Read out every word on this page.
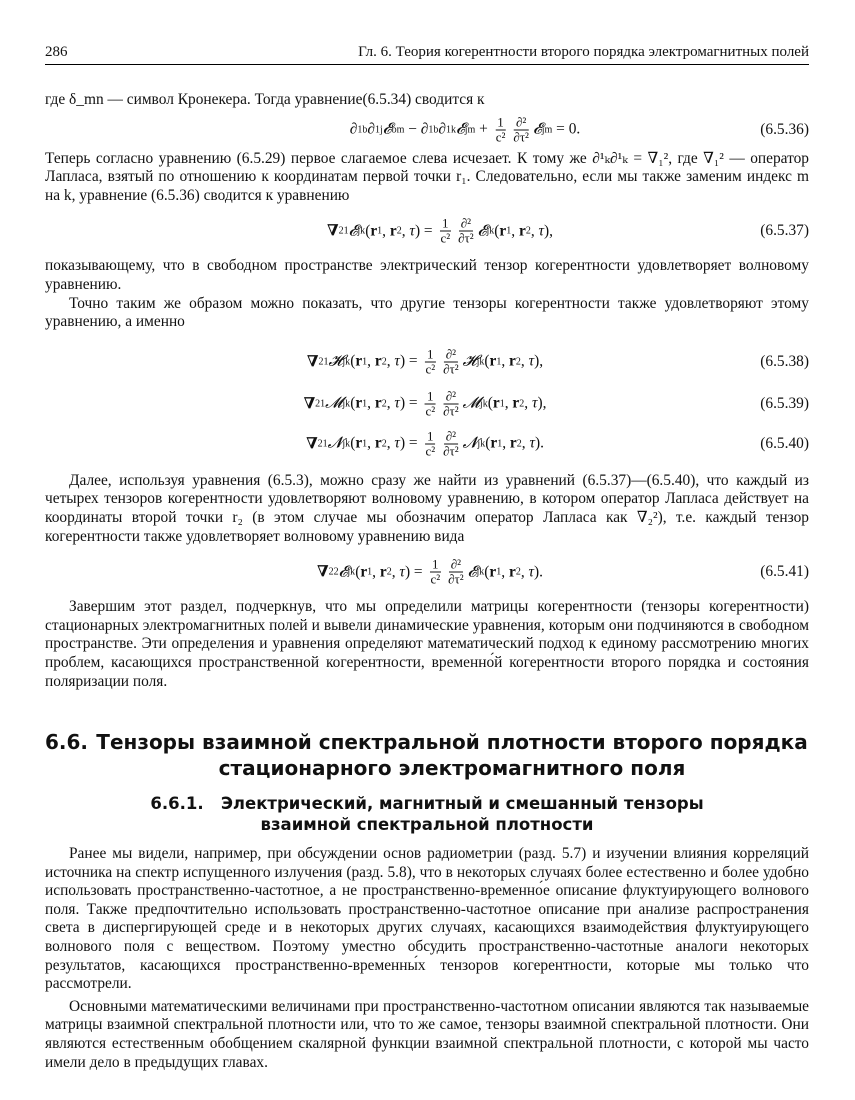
286	Гл. 6. Теория когерентности второго порядка электромагнитных полей

где δ_mn — символ Кронекера. Тогда уравнение(6.5.34) сводится к

∂ 1 b ∂ 1 j 𝓔 bm − ∂ 1 b ∂ 1 k 𝓔 jm + $\frac{1}{\text{c²}} \frac{\text{∂²}}{\text{∂τ²}}$ 𝓔 jm = 0.	(6.5.36)

Теперь согласно уравнению (6.5.29) первое слагаемое слева исчезает. К тому же ∂¹ₖ∂¹ₖ = ∇₁², где ∇₁² — оператор Лапласа, взятый по отношению к координатам первой точки r₁. Следовательно, если мы также заменим индекс m на k, уравнение (6.5.36) сводится к уравнению

∇ 2 1 𝓔 jk ( r 1 , r 2 , τ ) = $\frac{1}{\text{c²}} \frac{\text{∂²}}{\text{∂τ²}}$ 𝓔 jk ( r 1 , r 2 , τ ),	(6.5.37)

показывающему, что в свободном пространстве электрический тензор когерентности удовлетворяет волновому уравнению.

Точно таким же образом можно показать, что другие тензоры когерентности также удовлетворяют этому уравнению, а именно

∇ 2 1 𝓗 jk ( r 1 , r 2 , τ ) = $\frac{1}{\text{c²}} \frac{\text{∂²}}{\text{∂τ²}}$ 𝓗 jk ( r 1 , r 2 , τ ),	(6.5.38)
∇ 2 1 𝓜 jk ( r 1 , r 2 , τ ) = $\frac{1}{\text{c²}} \frac{\text{∂²}}{\text{∂τ²}}$ 𝓜 jk ( r 1 , r 2 , τ ),	(6.5.39)
∇ 2 1 𝓝 jk ( r 1 , r 2 , τ ) = $\frac{1}{\text{c²}} \frac{\text{∂²}}{\text{∂τ²}}$ 𝓝 jk ( r 1 , r 2 , τ ).	(6.5.40)

Далее, используя уравнения (6.5.3), можно сразу же найти из уравнений (6.5.37)—(6.5.40), что каждый из четырех тензоров когерентности удовлетворяют волновому уравнению, в котором оператор Лапласа действует на координаты второй точки r₂ (в этом случае мы обозначим оператор Лапласа как ∇₂²), т.е. каждый тензор когерентности также удовлетворяет волновому уравнению вида

∇ 2 2 𝓔 jk ( r 1 , r 2 , τ ) = $\frac{1}{\text{c²}} \frac{\text{∂²}}{\text{∂τ²}}$ 𝓔 jk ( r 1 , r 2 , τ ).	(6.5.41)

Завершим этот раздел, подчеркнув, что мы определили матрицы когерентности (тензоры когерентности) стационарных электромагнитных полей и вывели динамические уравнения, которым они подчиняются в свободном пространстве. Эти определения и уравнения определяют математический подход к единому рассмотрению многих проблем, касающихся пространственной когерентности, временно́й когерентности второго порядка и состояния поляризации поля.

6.6. Тензоры взаимной спектральной плотности второго порядка
стационарного электромагнитного поля
6.6.1. Электрический, магнитный и смешанный тензоры
взаимной спектральной плотности

Ранее мы видели, например, при обсуждении основ радиометрии (разд. 5.7) и изучении влияния корреляций источника на спектр испущенного излучения (разд. 5.8), что в некоторых случаях более естественно и более удобно использовать пространственно-частотное, а не пространственно-временно́е описание флуктуирующего волнового поля. Также предпочтительно использовать пространственно-частотное описание при анализе распространения света в диспергирующей среде и в некоторых других случаях, касающихся взаимодействия флуктуирующего волнового поля с веществом. Поэтому уместно обсудить пространственно-частотные аналоги некоторых результатов, касающихся пространственно-временны́х тензоров когерентности, которые мы только что рассмотрели.

Основными математическими величинами при пространственно-частотном описании являются так называемые матрицы взаимной спектральной плотности или, что то же самое, тензоры взаимной спектральной плотности. Они являются естественным обобщением скалярной функции взаимной спектральной плотности, с которой мы часто имели дело в предыдущих главах.
